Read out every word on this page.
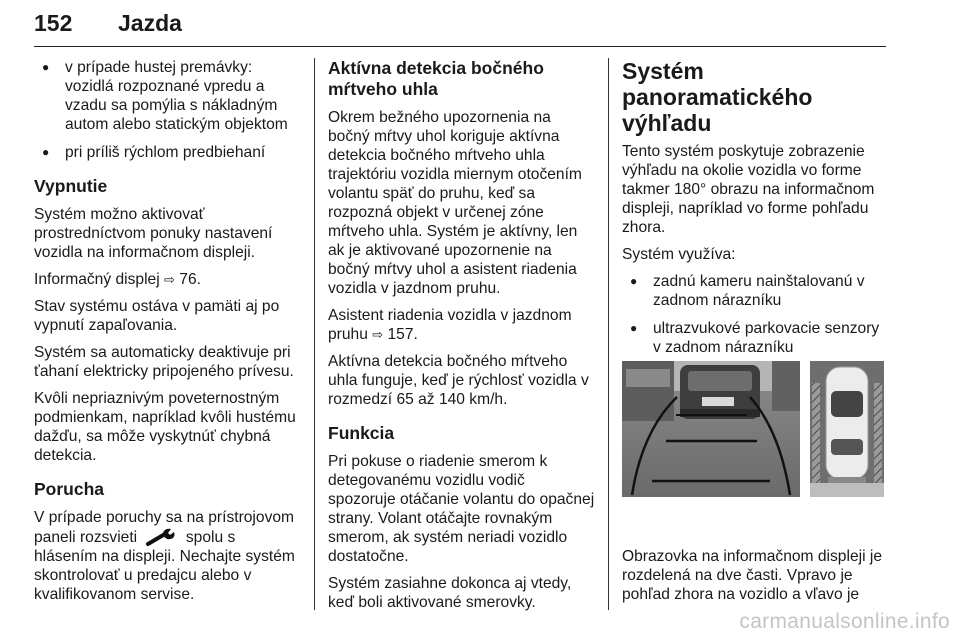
152 Jazda
● v prípade hustej premávky: vozidlá rozpoznané vpredu a vzadu sa pomýlia s nákladným autom alebo statickým objektom
● pri príliš rýchlom predbiehaní
Vypnutie

Systém možno aktivovať prostredníctvom ponuky nastavení vozidla na informačnom displeji.

Informačný displej ⇨ 76.

Stav systému ostáva v pamäti aj po vypnutí zapaľovania.

Systém sa automaticky deaktivuje pri ťahaní elektricky pripojeného prívesu.

Kvôli nepriaznivým poveternostným podmienkam, napríklad kvôli hustému dažďu, sa môže vyskytnúť chybná detekcia.

Porucha

V prípade poruchy sa na prístrojovom paneli rozsvieti	spolu s hlásením na displeji. Nechajte systém skontrolovať u predajcu alebo v kvalifikovanom servise.

Aktívna detekcia bočného mŕtveho uhla

Okrem bežného upozornenia na bočný mŕtvy uhol koriguje aktívna detekcia bočného mŕtveho uhla trajektóriu vozidla miernym otočením volantu späť do pruhu, keď sa rozpozná objekt v určenej zóne mŕtveho uhla. Systém je aktívny, len ak je aktivované upozornenie na bočný mŕtvy uhol a asistent riadenia vozidla v jazdnom pruhu.

Asistent riadenia vozidla v jazdnom pruhu ⇨ 157.

Aktívna detekcia bočného mŕtveho uhla funguje, keď je rýchlosť vozidla v rozmedzí 65 až 140 km/h.

Funkcia

Pri pokuse o riadenie smerom k detegovanému vozidlu vodič spozoruje otáčanie volantu do opačnej strany. Volant otáčajte rovnakým smerom, ak systém neriadi vozidlo dostatočne.

Systém zasiahne dokonca aj vtedy, keď boli aktivované smerovky.

Systém panoramatického výhľadu

Tento systém poskytuje zobrazenie výhľadu na okolie vozidla vo forme takmer 180° obrazu na informačnom displeji, napríklad vo forme pohľadu zhora.

Systém využíva:

● zadnú kameru nainštalovanú v zadnom nárazníku
● ultrazvukové parkovacie senzory v zadnom nárazníku
Obrazovka na informačnom displeji je rozdelená na dve časti. Vpravo je pohľad zhora na vozidlo a vľavo je
carmanualsonline.info
